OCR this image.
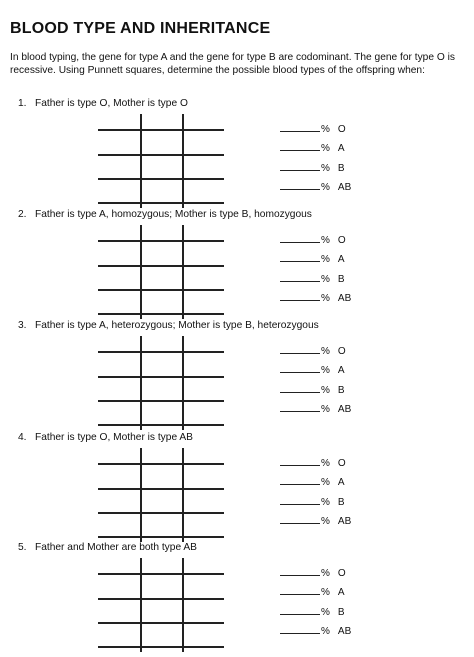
BLOOD TYPE AND INHERITANCE
In blood typing, the gene for type A and the gene for type B are codominant. The gene for type O is recessive. Using Punnett squares, determine the possible blood types of the offspring when:
1. Father is type O, Mother is type O
% O
% A
% B
% AB
2. Father is type A, homozygous; Mother is type B, homozygous
% O
% A
% B
% AB
3. Father is type A, heterozygous; Mother is type B, heterozygous
% O
% A
% B
% AB
4. Father is type O, Mother is type AB
% O
% A
% B
% AB
5. Father and Mother are both type AB
% O
% A
% B
% AB
